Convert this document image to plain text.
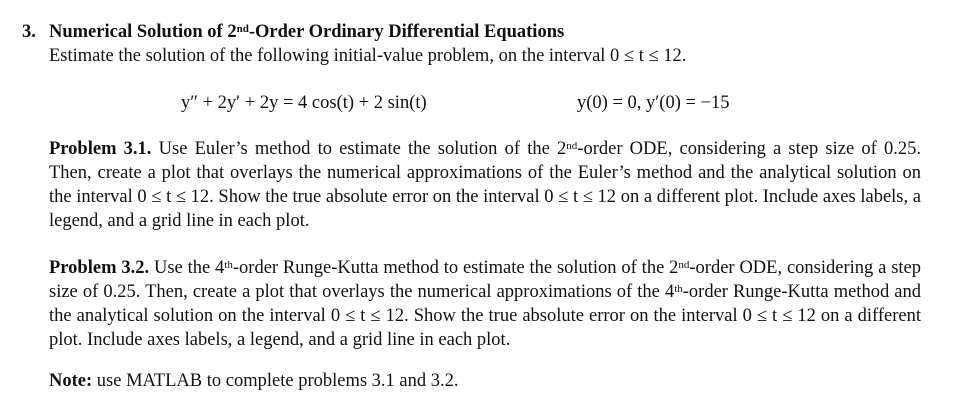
3. Numerical Solution of 2nd-Order Ordinary Differential Equations
Estimate the solution of the following initial-value problem, on the interval 0 ≤ t ≤ 12.
y″ + 2y′ + 2y = 4 cos(t) + 2 sin(t)	y(0) = 0, y′(0) = −15
Problem 3.1. Use Euler’s method to estimate the solution of the 2nd-order ODE, considering a step size of 0.25. Then, create a plot that overlays the numerical approximations of the Euler’s method and the analytical solution on the interval 0 ≤ t ≤ 12. Show the true absolute error on the interval 0 ≤ t ≤ 12 on a different plot. Include axes labels, a legend, and a grid line in each plot.
Problem 3.2. Use the 4th-order Runge-Kutta method to estimate the solution of the 2nd-order ODE, considering a step size of 0.25. Then, create a plot that overlays the numerical approximations of the 4th-order Runge-Kutta method and the analytical solution on the interval 0 ≤ t ≤ 12. Show the true absolute error on the interval 0 ≤ t ≤ 12 on a different plot. Include axes labels, a legend, and a grid line in each plot.
Note: use MATLAB to complete problems 3.1 and 3.2.
